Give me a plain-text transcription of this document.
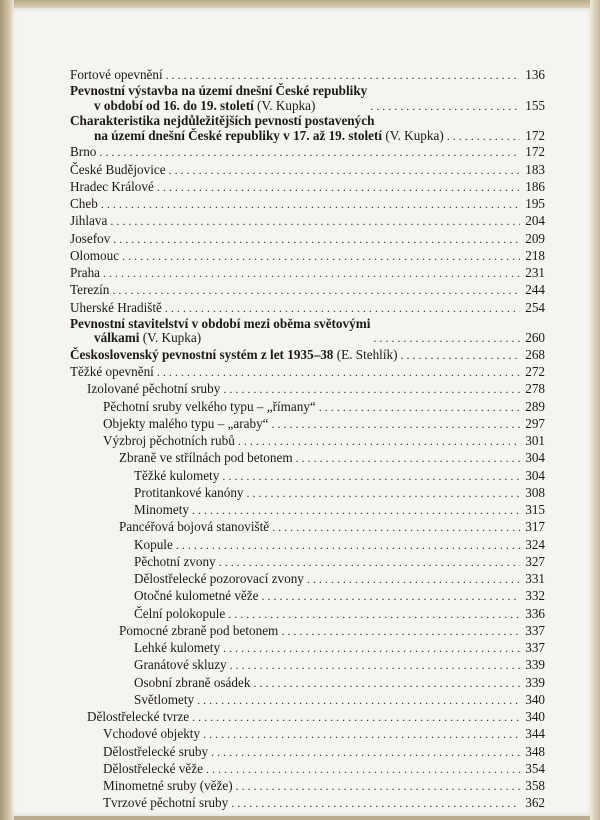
Fortové opevnění . . .	136
Pevnostní výstavba na území dnešní České republiky
v období od 16. do 19. století (V. Kupka) . . .	155
Charakteristika nejdůležitějších pevností postavených
na území dnešní České republiky v 17. až 19. století (V. Kupka) . . .	172
Brno . . .	172
České Budějovice . . .	183
Hradec Králové . . .	186
Cheb . . .	195
Jihlava . . .	204
Josefov . . .	209
Olomouc . . .	218
Praha . . .	231
Terezín . . .	244
Uherské Hradiště . . .	254
Pevnostní stavitelství v období mezi oběma světovými
válkami (V. Kupka) . . .	260
Československý pevnostní systém z let 1935–38 (E. Stehlík) . . .	268
Těžké opevnění . . .	272
Izolované pěchotní sruby . . .	278
Pěchotní sruby velkého typu – „římany“ . . .	289
Objekty malého typu – „araby“ . . .	297
Výzbroj pěchotních rubů . . .	301
Zbraně ve střílnách pod betonem . . .	304
Těžké kulomety . . .	304
Protitankové kanóny . . .	308
Minomety . . .	315
Pancéřová bojová stanoviště . . .	317
Kopule . . .	324
Pěchotní zvony . . .	327
Dělostřelecké pozorovací zvony . . .	331
Otočné kulometné věže . . .	332
Čelní polokopule . . .	336
Pomocné zbraně pod betonem . . .	337
Lehké kulomety . . .	337
Granátové skluzy . . .	339
Osobní zbraně osádek . . .	339
Světlomety . . .	340
Dělostřelecké tvrze . . .	340
Vchodové objekty . . .	344
Dělostřelecké sruby . . .	348
Dělostřelecké věže . . .	354
Minometné sruby (věže) . . .	358
Tvrzové pěchotní sruby . . .	362
